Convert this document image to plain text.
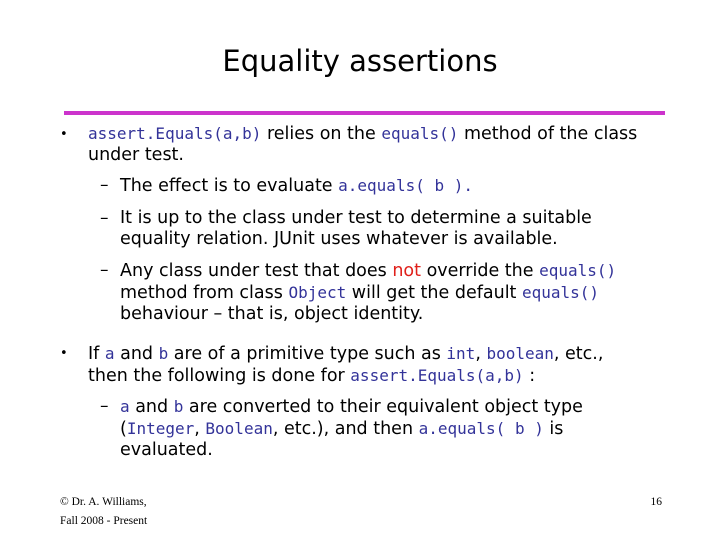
Equality assertions
• assert.Equals(a,b) relies on the equals() method of the class under test.
– The effect is to evaluate a.equals( b ).
– It is up to the class under test to determine a suitable equality relation. JUnit uses whatever is available.
– Any class under test that does not override the equals() method from class Object will get the default equals() behaviour – that is, object identity.
• If a and b are of a primitive type such as int, boolean, etc., then the following is done for assert.Equals(a,b) :
– a and b are converted to their equivalent object type (Integer, Boolean, etc.), and then a.equals( b ) is evaluated.
© Dr. A. Williams,
Fall 2008 - Present
16
